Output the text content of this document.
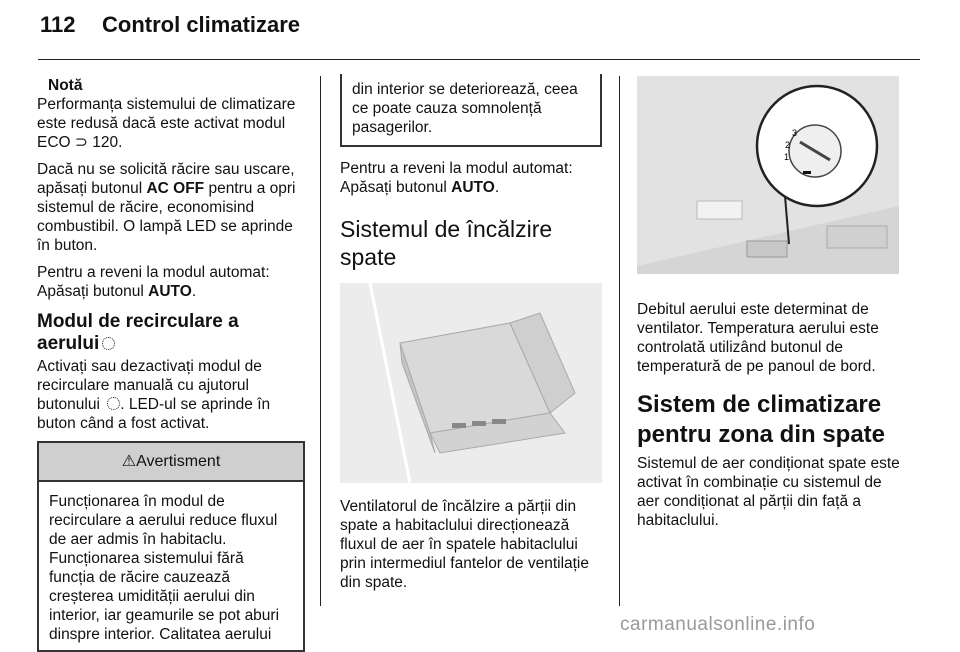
112 Control climatizare
Notă

Performanța sistemului de climatizare este redusă dacă este activat modul ECO ⊃ 120.

Dacă nu se solicită răcire sau uscare, apăsați butonul AC OFF pentru a opri sistemul de răcire, economisind combustibil. O lampă LED se aprinde în buton.

Pentru a reveni la modul automat: Apăsați butonul AUTO.

Modul de recirculare a aerului

Activați sau dezactivați modul de recirculare manuală cu ajutorul butonului . LED-ul se aprinde în buton când a fost activat.

⚠Avertisment
Funcționarea în modul de recirculare a aerului reduce fluxul de aer admis în habitaclu. Funcționarea sistemului fără funcția de răcire cauzează creșterea umidității aerului din interior, iar geamurile se pot aburi dinspre interior. Calitatea aerului
din interior se deteriorează, ceea ce poate cauza somnolență pasagerilor.

Pentru a reveni la modul automat: Apăsați butonul AUTO.

Sistemul de încălzire spate

Ventilatorul de încălzire a părții din spate a habitaclului direcționează fluxul de aer în spatele habitaclului prin intermediul fantelor de ventilație din spate.

3
2
1

Debitul aerului este determinat de ventilator. Temperatura aerului este controlată utilizând butonul de temperatură de pe panoul de bord.

Sistem de climatizare pentru zona din spate

Sistemul de aer condiționat spate este activat în combinație cu sistemul de aer condiționat al părții din față a habitaclului.

carmanualsonline.info
